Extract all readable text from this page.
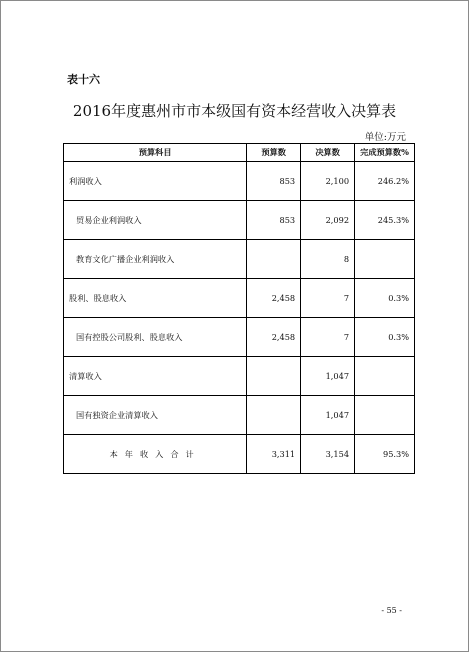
表十六
2016年度惠州市市本级国有资本经营收入决算表
单位:万元
预算科目	预算数	决算数	完成预算数%
利润收入	853	2,100	246.2%
贸易企业利润收入	853	2,092	245.3%
教育文化广播企业利润收入		8	
股利、股息收入	2,458	7	0.3%
国有控股公司股利、股息收入	2,458	7	0.3%
清算收入		1,047	
国有独资企业清算收入		1,047	
本年收入合计	3,311	3,154	95.3%
- 55 -
